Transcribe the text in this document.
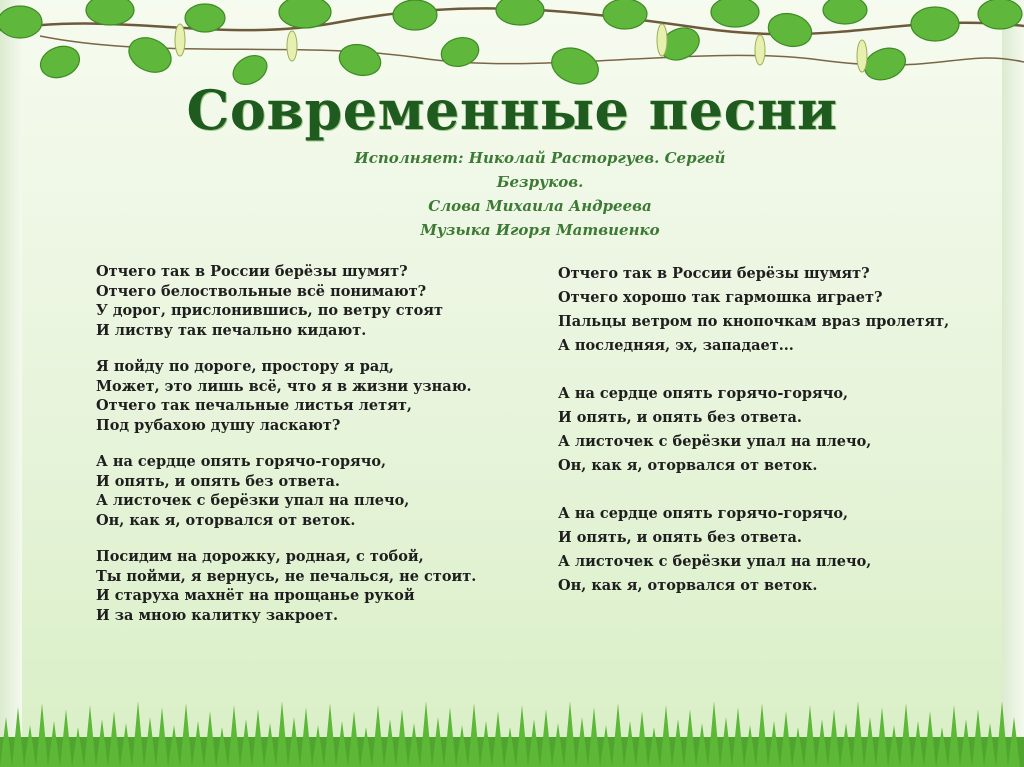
Современные песни
Исполняет: Николай Расторгуев. Сергей
Безруков.
Слова Михаила Андреева
Музыка Игоря Матвиенко
Отчего так в России берёзы шумят?
Отчего белоствольные всё понимают?
У дорог, прислонившись, по ветру стоят
И листву так печально кидают.
Я пойду по дороге, простору я рад,
Может, это лишь всё, что я в жизни узнаю.
Отчего так печальные листья летят,
Под рубахою душу ласкают?
А на сердце опять горячо-горячо,
И опять, и опять без ответа.
А листочек с берёзки упал на плечо,
Он, как я, оторвался от веток.
Посидим на дорожку, родная, с тобой,
Ты пойми, я вернусь, не печалься, не стоит.
И старуха махнёт на прощанье рукой
И за мною калитку закроет.
Отчего так в России берёзы шумят?
Отчего хорошо так гармошка играет?
Пальцы ветром по кнопочкам враз пролетят,
А последняя, эх, западает...
А на сердце опять горячо-горячо,
И опять, и опять без ответа.
А листочек с берёзки упал на плечо,
Он, как я, оторвался от веток.
А на сердце опять горячо-горячо,
И опять, и опять без ответа.
А листочек с берёзки упал на плечо,
Он, как я, оторвался от веток.
